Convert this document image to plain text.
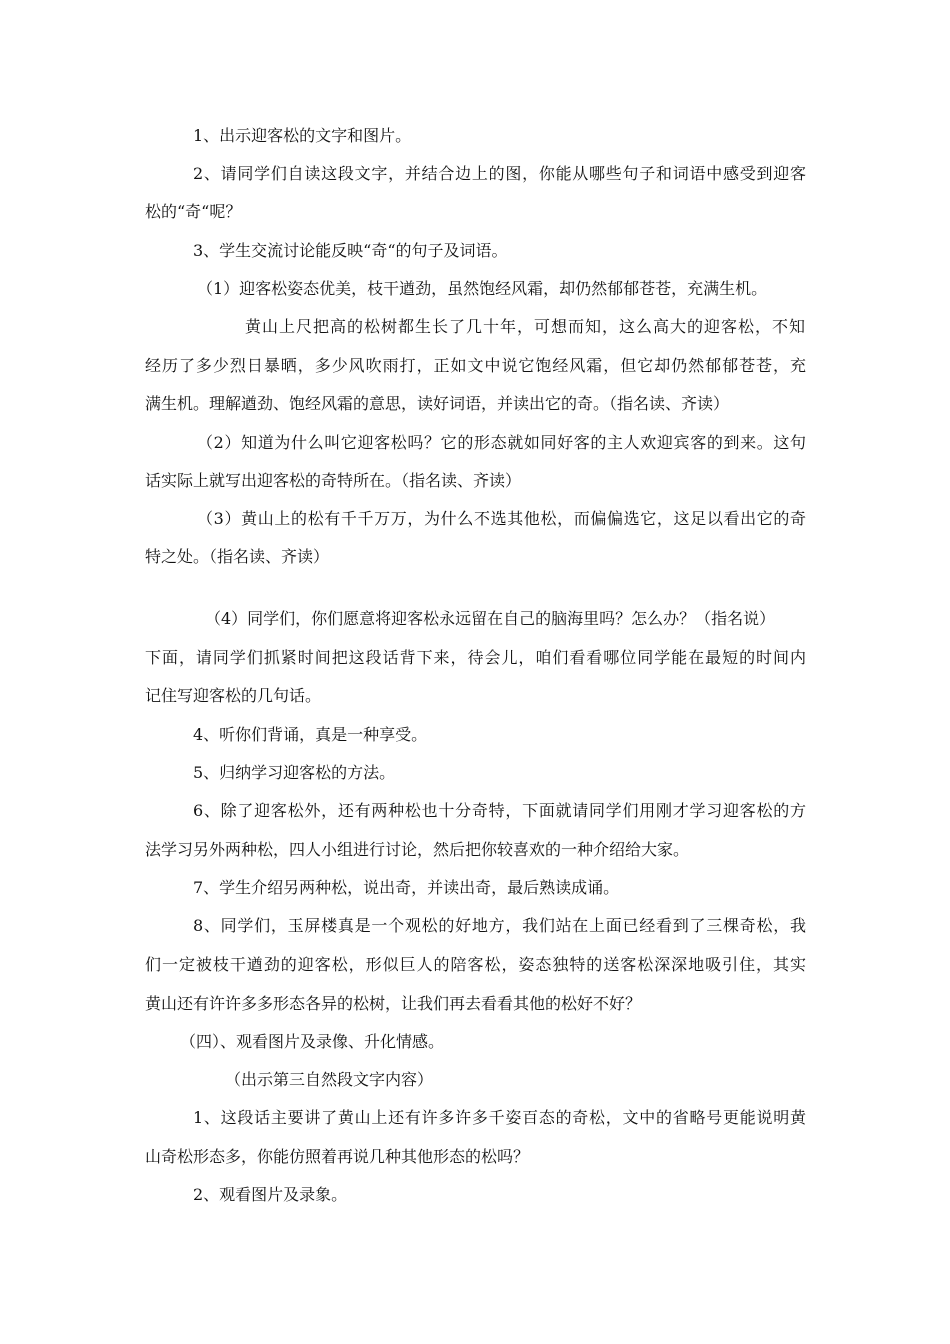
1、出示迎客松的文字和图片。
2、请同学们自读这段文字，并结合边上的图，你能从哪些句子和词语中感受到迎客
松的“奇“呢？
3、学生交流讨论能反映“奇“的句子及词语。
（1）迎客松姿态优美，枝干遒劲，虽然饱经风霜，却仍然郁郁苍苍，充满生机。
黄山上尺把高的松树都生长了几十年，可想而知，这么高大的迎客松，不知
经历了多少烈日暴晒，多少风吹雨打，正如文中说它饱经风霜，但它却仍然郁郁苍苍，充
满生机。理解遒劲、饱经风霜的意思，读好词语，并读出它的奇。（指名读、齐读）
（2）知道为什么叫它迎客松吗？它的形态就如同好客的主人欢迎宾客的到来。这句
话实际上就写出迎客松的奇特所在。（指名读、齐读）
（3）黄山上的松有千千万万，为什么不选其他松，而偏偏选它，这足以看出它的奇
特之处。（指名读、齐读）
（4）同学们，你们愿意将迎客松永远留在自己的脑海里吗？怎么办？（指名说）
下面，请同学们抓紧时间把这段话背下来，待会儿，咱们看看哪位同学能在最短的时间内
记住写迎客松的几句话。
4、听你们背诵，真是一种享受。
5、归纳学习迎客松的方法。
6、除了迎客松外，还有两种松也十分奇特，下面就请同学们用刚才学习迎客松的方
法学习另外两种松，四人小组进行讨论，然后把你较喜欢的一种介绍给大家。
7、学生介绍另两种松，说出奇，并读出奇，最后熟读成诵。
8、同学们，玉屏楼真是一个观松的好地方，我们站在上面已经看到了三棵奇松，我
们一定被枝干遒劲的迎客松，形似巨人的陪客松，姿态独特的送客松深深地吸引住，其实
黄山还有许许多多形态各异的松树，让我们再去看看其他的松好不好？
（四）、观看图片及录像、升化情感。
（出示第三自然段文字内容）
1、这段话主要讲了黄山上还有许多许多千姿百态的奇松，文中的省略号更能说明黄
山奇松形态多，你能仿照着再说几种其他形态的松吗？
2、观看图片及录象。
